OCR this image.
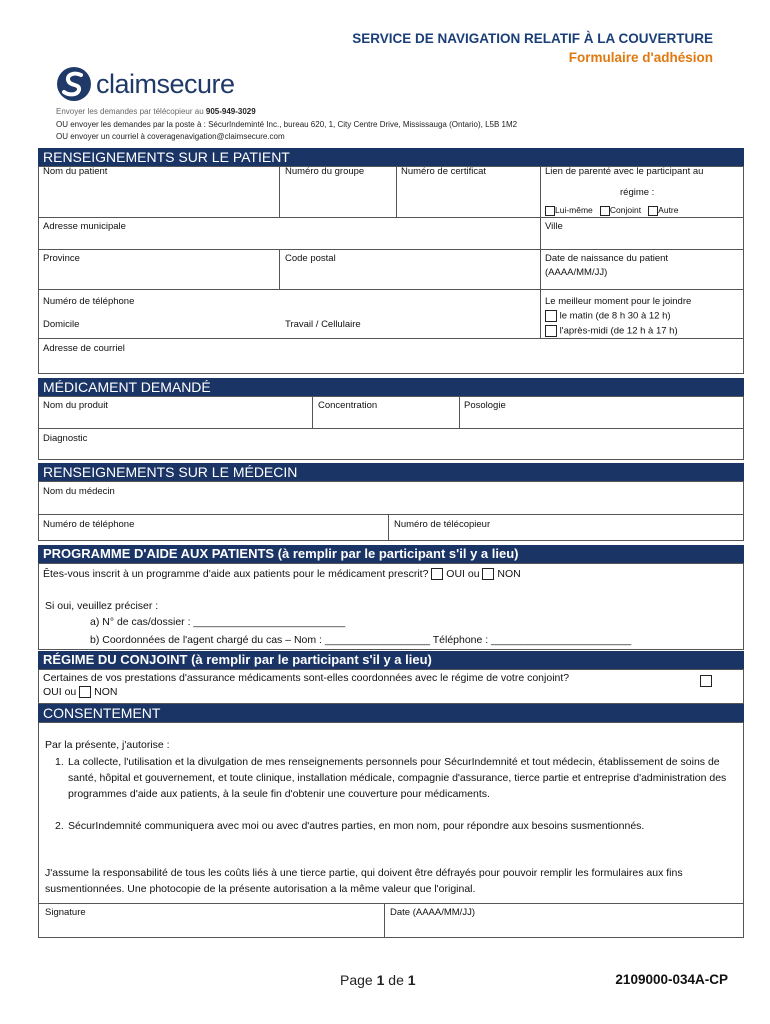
SERVICE DE NAVIGATION RELATIF À LA COUVERTURE
Formulaire d'adhésion
claimsecure
Envoyer les demandes par télécopieur au 905-949-3029
OU envoyer les demandes par la poste à : SécurIndeminté Inc., bureau 620, 1, City Centre Drive, Mississauga (Ontario), L5B 1M2
OU envoyer un courriel à coveragenavigation@claimsecure.com
RENSEIGNEMENTS SUR LE PATIENT
Nom du patient	Numéro du groupe	Numéro de certificat	Lien de parenté avec le participant au
régime :
Lui-même Conjoint Autre
Adresse municipale	Ville
Province	Code postal	Date de naissance du patient
(AAAA/MM/JJ)
Numéro de téléphone
Domicile	Travail / Cellulaire
Le meilleur moment pour le joindre
le matin (de 8 h 30 à 12 h)
l'après-midi (de 12 h à 17 h)
Adresse de courriel
MÉDICAMENT DEMANDÉ
Nom du produit	Concentration	Posologie
Diagnostic
RENSEIGNEMENTS SUR LE MÉDECIN
Nom du médecin
Numéro de téléphone	Numéro de télécopieur
PROGRAMME D'AIDE AUX PATIENTS (à remplir par le participant s'il y a lieu)
Êtes-vous inscrit à un programme d'aide aux patients pour le médicament prescrit? OUI ou NON
Si oui, veuillez préciser :
a) N° de cas/dossier : __________________________
b) Coordonnées de l'agent chargé du cas – Nom : __________________ Téléphone : ________________________
RÉGIME DU CONJOINT (à remplir par le participant s'il y a lieu)
Certaines de vos prestations d'assurance médicaments sont-elles coordonnées avec le régime de votre conjoint?
OUI ou NON
CONSENTEMENT
Par la présente, j'autorise :
1. La collecte, l'utilisation et la divulgation de mes renseignements personnels pour SécurIndemnité et tout médecin, établissement de soins de santé, hôpital et gouvernement, et toute clinique, installation médicale, compagnie d'assurance, tierce partie et entreprise d'administration des programmes d'aide aux patients, à la seule fin d'obtenir une couverture pour médicaments.
2. SécurIndemnité communiquera avec moi ou avec d'autres parties, en mon nom, pour répondre aux besoins susmentionnés.
J'assume la responsabilité de tous les coûts liés à une tierce partie, qui doivent être défrayés pour pouvoir remplir les formulaires aux fins susmentionnées. Une photocopie de la présente autorisation a la même valeur que l'original.
Signature	Date (AAAA/MM/JJ)
Page 1 de 1	2109000-034A-CP
